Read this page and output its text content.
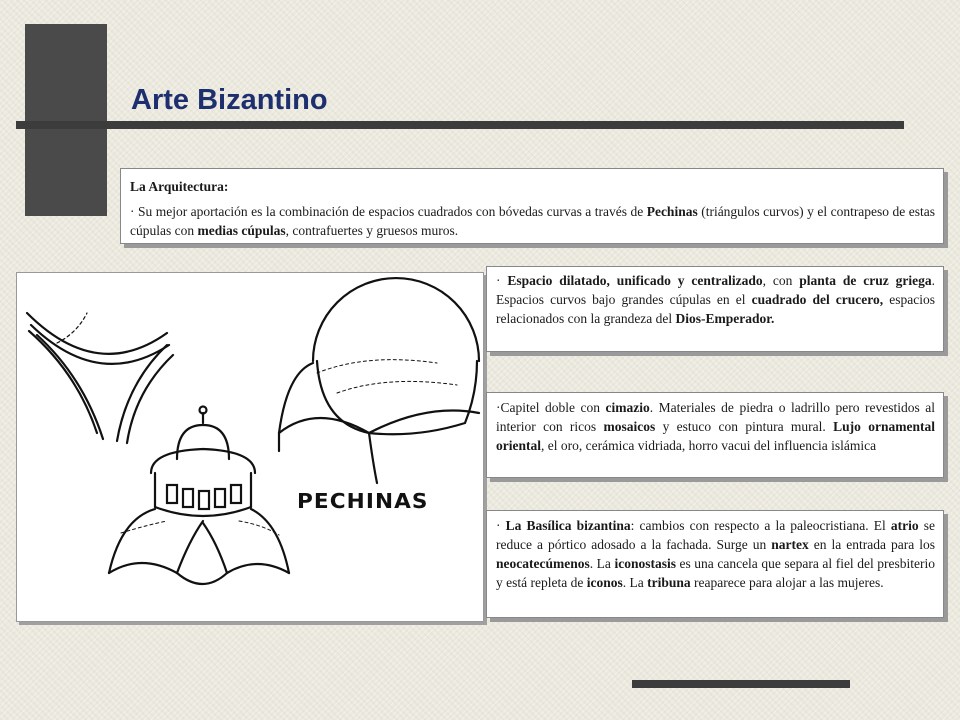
Arte Bizantino
La Arquitectura:
· Su mejor aportación es la combinación de espacios cuadrados con bóvedas curvas a través de Pechinas (triángulos curvos) y el contrapeso de estas cúpulas con medias cúpulas, contrafuertes y gruesos muros.
PECHINAS
· Espacio dilatado, unificado y centralizado, con planta de cruz griega. Espacios curvos bajo grandes cúpulas en el cuadrado del crucero, espacios relacionados con la grandeza del Dios-Emperador.
·Capitel doble con cimazio. Materiales de piedra o ladrillo pero revestidos al interior con ricos mosaicos y estuco con pintura mural. Lujo ornamental oriental, el oro, cerámica vidriada, horro vacui del influencia islámica
· La Basílica bizantina: cambios con respecto a la paleocristiana. El atrio se reduce a pórtico adosado a la fachada. Surge un nartex en la entrada para los neocatecúmenos. La iconostasis es una cancela que separa al fiel del presbiterio y está repleta de iconos. La tribuna reaparece para alojar a las mujeres.
